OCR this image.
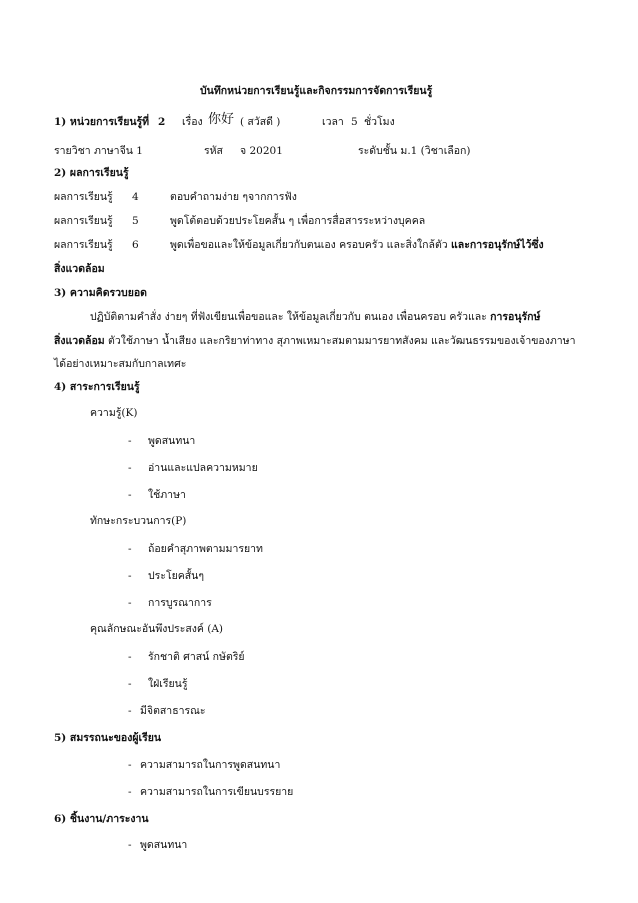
บันทึกหน่วยการเรียนรู้และกิจกรรมการจัดการเรียนรู้
1) หน่วยการเรียนรู้ที่ 2 เรื่อง 你好 ( สวัสดี )	เวลา 5 ชั่วโมง
รายวิชา ภาษาจีน 1	รหัส จ 20201	ระดับชั้น ม.1 (วิชาเลือก)
2) ผลการเรียนรู้
ผลการเรียนรู้ 4	ตอบคำถามง่าย ๆจากการฟัง
ผลการเรียนรู้ 5	พูดโต้ตอบด้วยประโยคสั้น ๆ เพื่อการสื่อสารระหว่างบุคคล
ผลการเรียนรู้ 6	พูดเพื่อขอและให้ข้อมูลเกี่ยวกับตนเอง ครอบครัว และสิ่งใกล้ตัว และการอนุรักษ์ไว้ซึ่ง
สิ่งแวดล้อม
3) ความคิดรวบยอด
ปฏิบัติตามคำสั่ง ง่ายๆ ที่ฟังเขียนเพื่อขอและ ให้ข้อมูลเกี่ยวกับ ตนเอง เพื่อนครอบ ครัวและ การอนุรักษ์
สิ่งแวดล้อม ตัวใช้ภาษา น้ำเสียง และกริยาท่าทาง สุภาพเหมาะสมตามมารยาทสังคม และวัฒนธรรมของเจ้าของภาษา
ได้อย่างเหมาะสมกับกาลเทศะ
4) สาระการเรียนรู้
ความรู้(K)
- พูดสนทนา
- อ่านและแปลความหมาย
- ใช้ภาษา
ทักษะกระบวนการ(P)
- ถ้อยคำสุภาพตามมารยาท
- ประโยคสั้นๆ
- การบูรณาการ
คุณลักษณะอันพึงประสงค์ (A)
- รักชาติ ศาสน์ กษัตริย์
- ใฝ่เรียนรู้
- มีจิตสาธารณะ
5) สมรรถนะของผู้เรียน
- ความสามารถในการพูดสนทนา
- ความสามารถในการเขียนบรรยาย
6) ชิ้นงาน/ภาระงาน
- พูดสนทนา
